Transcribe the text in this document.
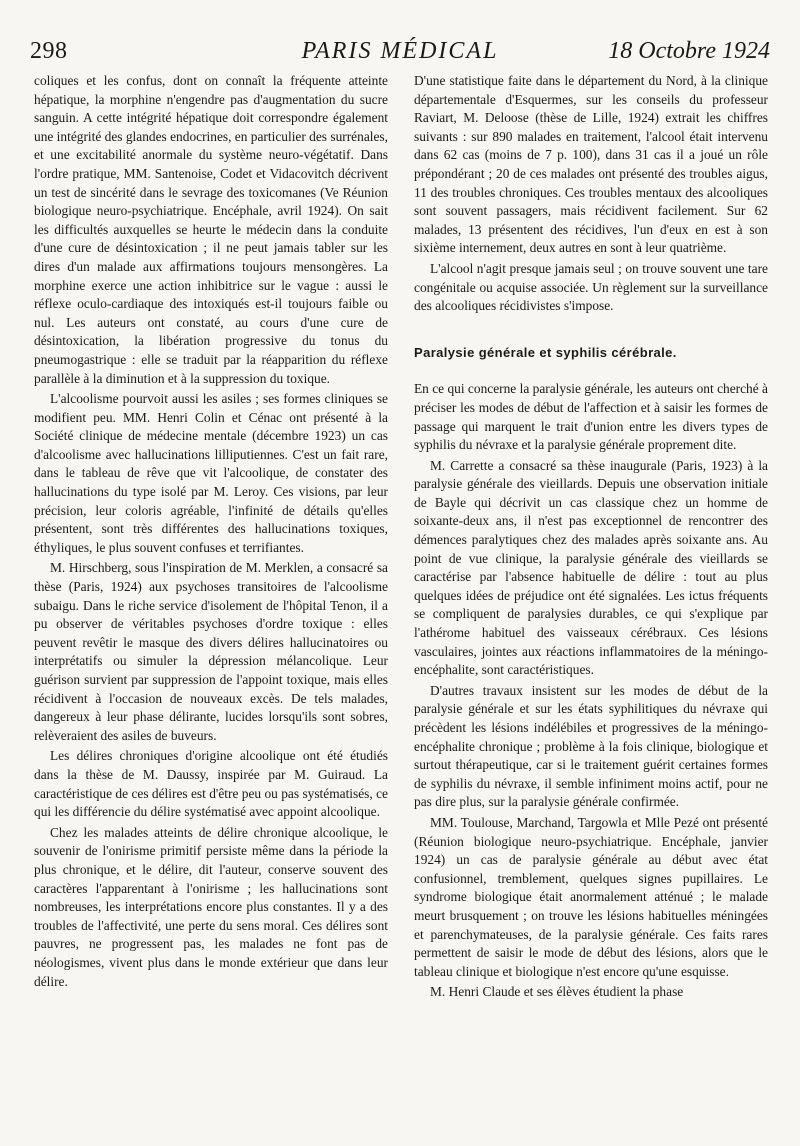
298	PARIS MÉDICAL	18 Octobre 1924

coliques et les confus, dont on connaît la fréquente atteinte hépatique, la morphine n'engendre pas d'augmentation du sucre sanguin. A cette intégrité hépatique doit correspondre également une intégrité des glandes endocrines, en particulier des surrénales, et une excitabilité anormale du système neuro-végétatif. Dans l'ordre pratique, MM. Santenoise, Codet et Vidacovitch décrivent un test de sincérité dans le sevrage des toxicomanes (Ve Réunion biologique neuro-psychiatrique. Encéphale, avril 1924). On sait les difficultés auxquelles se heurte le médecin dans la conduite d'une cure de désintoxication ; il ne peut jamais tabler sur les dires d'un malade aux affirmations toujours mensongères. La morphine exerce une action inhibitrice sur le vague : aussi le réflexe oculo-cardiaque des intoxiqués est-il toujours faible ou nul. Les auteurs ont constaté, au cours d'une cure de désintoxication, la libération progressive du tonus du pneumogastrique : elle se traduit par la réapparition du réflexe parallèle à la diminution et à la suppression du toxique.

L'alcoolisme pourvoit aussi les asiles ; ses formes cliniques se modifient peu. MM. Henri Colin et Cénac ont présenté à la Société clinique de médecine mentale (décembre 1923) un cas d'alcoolisme avec hallucinations lilliputiennes. C'est un fait rare, dans le tableau de rêve que vit l'alcoolique, de constater des hallucinations du type isolé par M. Leroy. Ces visions, par leur précision, leur coloris agréable, l'infinité de détails qu'elles présentent, sont très différentes des hallucinations toxiques, éthyliques, le plus souvent confuses et terrifiantes.

M. Hirschberg, sous l'inspiration de M. Merklen, a consacré sa thèse (Paris, 1924) aux psychoses transitoires de l'alcoolisme subaigu. Dans le riche service d'isolement de l'hôpital Tenon, il a pu observer de véritables psychoses d'ordre toxique : elles peuvent revêtir le masque des divers délires hallucinatoires ou interprétatifs ou simuler la dépression mélancolique. Leur guérison survient par suppression de l'appoint toxique, mais elles récidivent à l'occasion de nouveaux excès. De tels malades, dangereux à leur phase délirante, lucides lorsqu'ils sont sobres, relèveraient des asiles de buveurs.

Les délires chroniques d'origine alcoolique ont été étudiés dans la thèse de M. Daussy, inspirée par M. Guiraud. La caractéristique de ces délires est d'être peu ou pas systématisés, ce qui les différencie du délire systématisé avec appoint alcoolique.

Chez les malades atteints de délire chronique alcoolique, le souvenir de l'onirisme primitif persiste même dans la période la plus chronique, et le délire, dit l'auteur, conserve souvent des caractères l'apparentant à l'onirisme ; les hallucinations sont nombreuses, les interprétations encore plus constantes. Il y a des troubles de l'affectivité, une perte du sens moral. Ces délires sont pauvres, ne progressent pas, les malades ne font pas de néologismes, vivent plus dans le monde extérieur que dans leur délire.

D'une statistique faite dans le département du Nord, à la clinique départementale d'Esquermes, sur les conseils du professeur Raviart, M. Deloose (thèse de Lille, 1924) extrait les chiffres suivants : sur 890 malades en traitement, l'alcool était intervenu dans 62 cas (moins de 7 p. 100), dans 31 cas il a joué un rôle prépondérant ; 20 de ces malades ont présenté des troubles aigus, 11 des troubles chroniques. Ces troubles mentaux des alcooliques sont souvent passagers, mais récidivent facilement. Sur 62 malades, 13 présentent des récidives, l'un d'eux en est à son sixième internement, deux autres en sont à leur quatrième.

L'alcool n'agit presque jamais seul ; on trouve souvent une tare congénitale ou acquise associée. Un règlement sur la surveillance des alcooliques récidivistes s'impose.

Paralysie générale et syphilis cérébrale.

En ce qui concerne la paralysie générale, les auteurs ont cherché à préciser les modes de début de l'affection et à saisir les formes de passage qui marquent le trait d'union entre les divers types de syphilis du névraxe et la paralysie générale proprement dite.

M. Carrette a consacré sa thèse inaugurale (Paris, 1923) à la paralysie générale des vieillards. Depuis une observation initiale de Bayle qui décrivit un cas classique chez un homme de soixante-deux ans, il n'est pas exceptionnel de rencontrer des démences paralytiques chez des malades après soixante ans. Au point de vue clinique, la paralysie générale des vieillards se caractérise par l'absence habituelle de délire : tout au plus quelques idées de préjudice ont été signalées. Les ictus fréquents se compliquent de paralysies durables, ce qui s'explique par l'athérome habituel des vaisseaux cérébraux. Ces lésions vasculaires, jointes aux réactions inflammatoires de la méningo-encéphalite, sont caractéristiques.

D'autres travaux insistent sur les modes de début de la paralysie générale et sur les états syphilitiques du névraxe qui précèdent les lésions indélébiles et progressives de la méningo-encéphalite chronique ; problème à la fois clinique, biologique et surtout thérapeutique, car si le traitement guérit certaines formes de syphilis du névraxe, il semble infiniment moins actif, pour ne pas dire plus, sur la paralysie générale confirmée.

MM. Toulouse, Marchand, Targowla et Mlle Pezé ont présenté (Réunion biologique neuro-psychiatrique. Encéphale, janvier 1924) un cas de paralysie générale au début avec état confusionnel, tremblement, quelques signes pupillaires. Le syndrome biologique était anormalement atténué ; le malade meurt brusquement ; on trouve les lésions habituelles méningées et parenchymateuses, de la paralysie générale. Ces faits rares permettent de saisir le mode de début des lésions, alors que le tableau clinique et biologique n'est encore qu'une esquisse.

M. Henri Claude et ses élèves étudient la phase
